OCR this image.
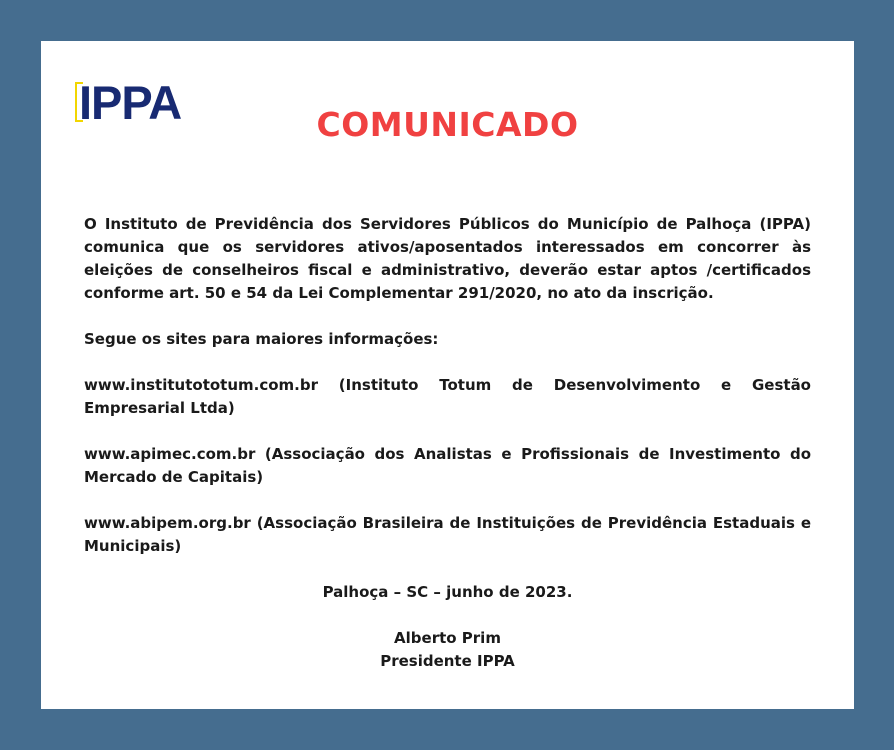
IPPA	COMUNICADO

O Instituto de Previdência dos Servidores Públicos do Município de Palhoça (IPPA) comunica que os servidores ativos/aposentados interessados em concorrer às eleições de conselheiros fiscal e administrativo, deverão estar aptos /certificados conforme art. 50 e 54 da Lei Complementar 291/2020, no ato da inscrição.

Segue os sites para maiores informações:

www.institutototum.com.br (Instituto Totum de Desenvolvimento e Gestão Empresarial Ltda)

www.apimec.com.br (Associação dos Analistas e Profissionais de Investimento do Mercado de Capitais)

www.abipem.org.br (Associação Brasileira de Instituições de Previdência Estaduais e Municipais)

Palhoça – SC – junho de 2023.

Alberto Prim

Presidente IPPA
